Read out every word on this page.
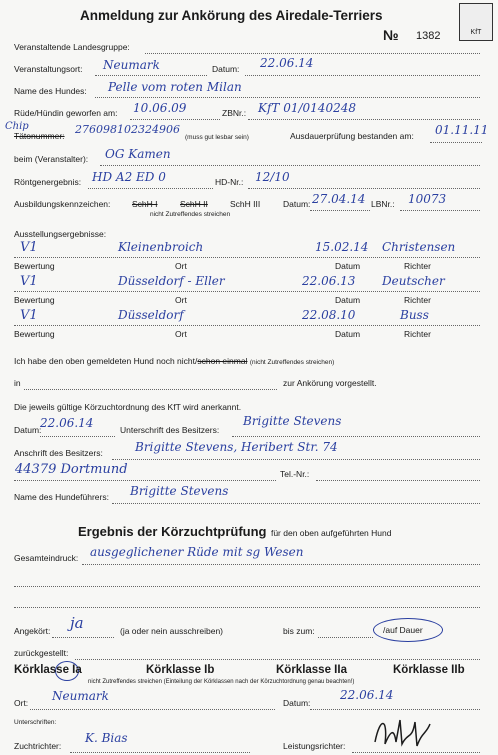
Anmeldung zur Ankörung des Airedale-Terriers
KfT
№ 1382
Veranstaltende Landesgruppe:
Veranstaltungsort: Neumark	Datum: 22.06.14
Name des Hundes: Pelle vom roten Milan
Rüde/Hündin geworfen am: 10.06.09	ZBNr.: KfT 01/0140248
Chip
Tätonummer: 276098102324906
(muss gut lesbar sein)	Ausdauerprüfung bestanden am: 01.11.11
beim (Veranstalter): OG Kamen
Röntgenergebnis: HD A2 ED 0	HD-Nr.: 12/10
Ausbildungskennzeichen:	SchH I	SchH II	SchH III
nicht Zutreffendes streichen
Datum: 27.04.14 LBNr.: 10073
Ausstellungsergebnisse:
V1	Kleinenbroich	15.02.14 Christensen
Bewertung	Ort	Datum	Richter
V1	Düsseldorf - Eller	22.06.13 Deutscher
Bewertung	Ort	Datum	Richter
V1	Düsseldorf	22.08.10	Buss
Bewertung	Ort	Datum	Richter
Ich habe den oben gemeldeten Hund noch nicht/schon einmal (nicht Zutreffendes streichen)
in	zur Ankörung vorgestellt.
Die jeweils gültige Körzuchtordnung des KfT wird anerkannt.
Datum:
22.06.14	Unterschrift des Besitzers:
Brigitte Stevens
Anschrift des Besitzers:	Brigitte Stevens, Heribert Str. 74
44379 Dortmund	Tel.-Nr.:
Name des Hundeführers: Brigitte Stevens
Ergebnis der Körzuchtprüfung für den oben aufgeführten Hund
Gesamteindruck: ausgeglichener Rüde mit sg Wesen
Angekört: ja	(ja oder nein ausschreiben)	bis zum:	/auf Dauer
zurückgestellt:
Körklasse Ia	Körklasse Ib	Körklasse IIa	Körklasse IIb
nicht Zutreffendes streichen (Einteilung der Körklassen nach der Körzuchtordnung genau beachten!)
Ort: Neumark	Datum:
22.06.14
Unterschriften:
Zuchtrichter:
K. Bias
Leistungsrichter:
